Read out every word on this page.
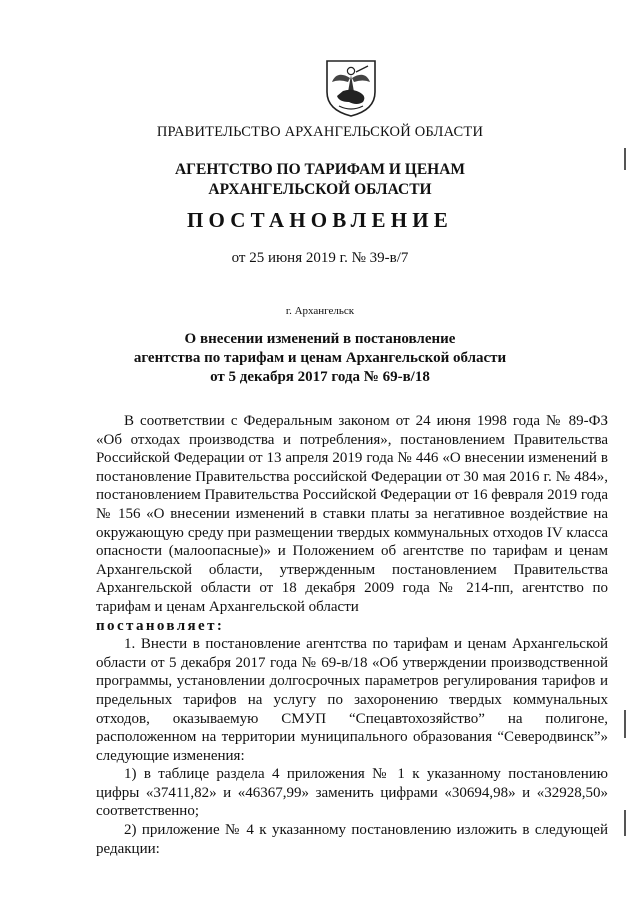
ПРАВИТЕЛЬСТВО АРХАНГЕЛЬСКОЙ ОБЛАСТИ
АГЕНТСТВО ПО ТАРИФАМ И ЦЕНАМ
АРХАНГЕЛЬСКОЙ ОБЛАСТИ
ПОСТАНОВЛЕНИЕ
от 25 июня 2019 г. № 39-в/7
г. Архангельск
О внесении изменений в постановление
агентства по тарифам и ценам Архангельской области
от 5 декабря 2017 года № 69-в/18

В соответствии с Федеральным законом от 24 июня 1998 года № 89-ФЗ «Об отходах производства и потребления», постановлением Правительства Российской Федерации от 13 апреля 2019 года № 446 «О внесении изменений в постановление Правительства российской Федерации от 30 мая 2016 г. № 484», постановлением Правительства Российской Федерации от 16 февраля 2019 года № 156 «О внесении изменений в ставки платы за негативное воздействие на окружающую среду при размещении твердых коммунальных отходов IV класса опасности (малоопасные)» и Положением об агентстве по тарифам и ценам Архангельской области, утвержденным постановлением Правительства Архангельской области от 18 декабря 2009 года № 214-пп, агентство по тарифам и ценам Архангельской области

постановляет:

1. Внести в постановление агентства по тарифам и ценам Архангельской области от 5 декабря 2017 года № 69-в/18 «Об утверждении производственной программы, установлении долгосрочных параметров регулирования тарифов и предельных тарифов на услугу по захоронению твердых коммунальных отходов, оказываемую СМУП “Спецавтохозяйство” на полигоне, расположенном на территории муниципального образования “Северодвинск”» следующие изменения:

1) в таблице раздела 4 приложения № 1 к указанному постановлению цифры «37411,82» и «46367,99» заменить цифрами «30694,98» и «32928,50» соответственно;

2) приложение № 4 к указанному постановлению изложить в следующей редакции:
